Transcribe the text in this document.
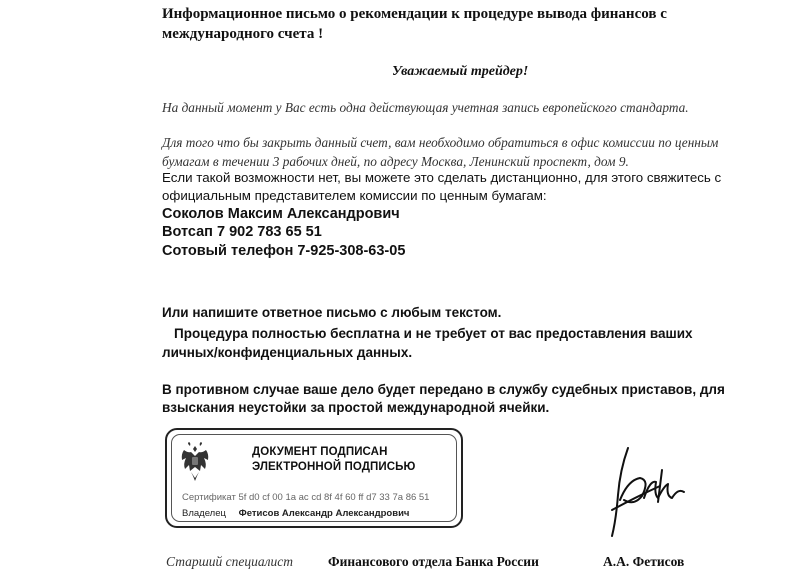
Информационное письмо о рекомендации к процедуре вывода финансов с международного счета !
Уважаемый трейдер!
На данный момент у Вас есть одна действующая учетная запись европейского стандарта.
Для того что бы закрыть данный счет, вам необходимо обратиться в офис комиссии по ценным бумагам в течении 3 рабочих дней, по адресу Москва, Ленинский проспект, дом 9.
Если такой возможности нет, вы можете это сделать дистанционно, для этого свяжитесь с официальным представителем комиссии по ценным бумагам:
Соколов Максим Александрович
Вотсап 7 902 783 65 51
Сотовый телефон 7-925-308-63-05
Или напишите ответное письмо с любым текстом.
Процедура полностью бесплатна и не требует от вас предоставления ваших
личных/конфиденциальных данных.
В противном случае ваше дело будет передано в службу судебных приставов, для взыскания неустойки за простой международной ячейки.
ДОКУМЕНТ ПОДПИСАН
ЭЛЕКТРОННОЙ ПОДПИСЬЮ
Сертификат 5f d0 cf 00 1a ac cd 8f 4f 60 ff d7 33 7a 86 51
Владелец Фетисов Александр Александрович
Старший специалист	Финансового отдела Банка России	А.А. Фетисов
